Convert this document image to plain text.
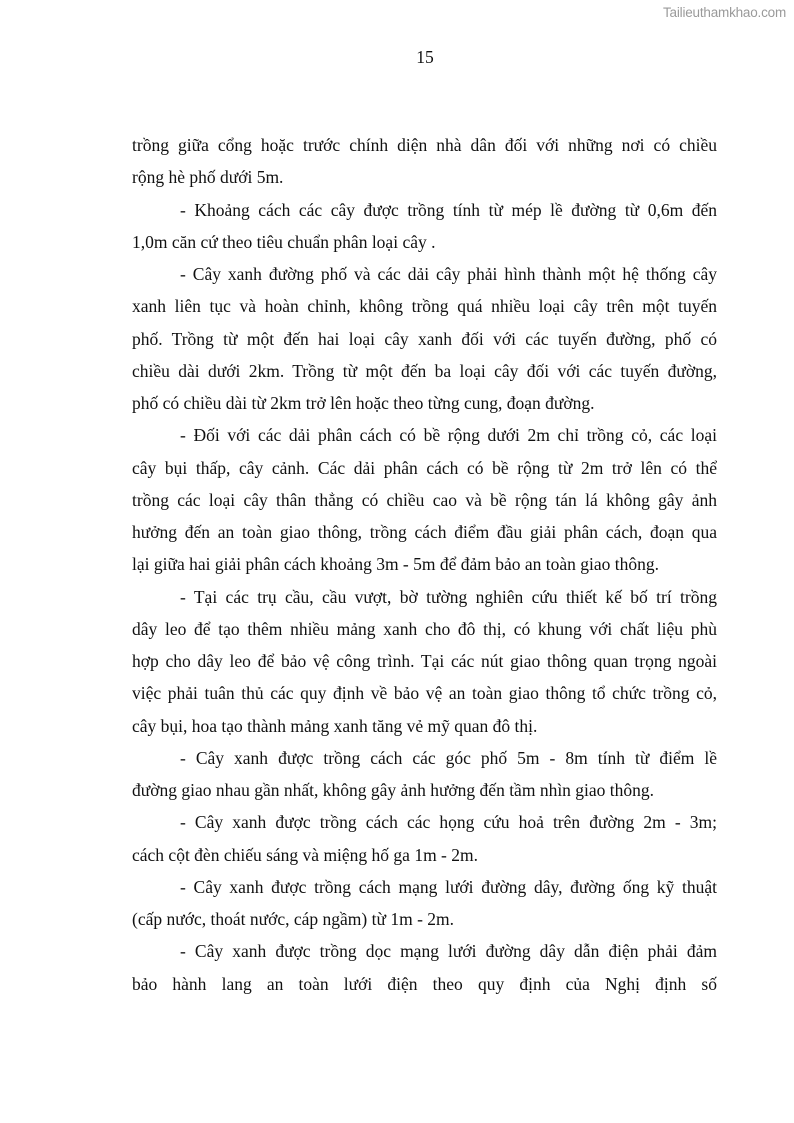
Tailieuthamkhao.com
15
trồng giữa cổng hoặc trước chính diện nhà dân đối với những nơi có chiều
rộng hè phố dưới 5m.
- Khoảng cách các cây được trồng tính từ mép lề đường từ 0,6m đến
1,0m căn cứ theo tiêu chuẩn phân loại cây .
- Cây xanh đường phố và các dải cây phải hình thành một hệ thống cây
xanh liên tục và hoàn chỉnh, không trồng quá nhiều loại cây trên một tuyến
phố. Trồng từ một đến hai loại cây xanh đối với các tuyến đường, phố có
chiều dài dưới 2km. Trồng từ một đến ba loại cây đối với các tuyến đường,
phố có chiều dài từ 2km trở lên hoặc theo từng cung, đoạn đường.
- Đối với các dải phân cách có bề rộng dưới 2m chỉ trồng cỏ, các loại
cây bụi thấp, cây cảnh. Các dải phân cách có bề rộng từ 2m trở lên có thể
trồng các loại cây thân thẳng có chiều cao và bề rộng tán lá không gây ảnh
hưởng đến an toàn giao thông, trồng cách điểm đầu giải phân cách, đoạn qua
lại giữa hai giải phân cách khoảng 3m - 5m để đảm bảo an toàn giao thông.
- Tại các trụ cầu, cầu vượt, bờ tường nghiên cứu thiết kế bố trí trồng
dây leo để tạo thêm nhiều mảng xanh cho đô thị, có khung với chất liệu phù
hợp cho dây leo để bảo vệ công trình. Tại các nút giao thông quan trọng ngoài
việc phải tuân thủ các quy định về bảo vệ an toàn giao thông tổ chức trồng cỏ,
cây bụi, hoa tạo thành mảng xanh tăng vẻ mỹ quan đô thị.
- Cây xanh được trồng cách các góc phố 5m - 8m tính từ điểm lề
đường giao nhau gần nhất, không gây ảnh hưởng đến tầm nhìn giao thông.
- Cây xanh được trồng cách các họng cứu hoả trên đường 2m - 3m;
cách cột đèn chiếu sáng và miệng hố ga 1m - 2m.
- Cây xanh được trồng cách mạng lưới đường dây, đường ống kỹ thuật
(cấp nước, thoát nước, cáp ngầm) từ 1m - 2m.
- Cây xanh được trồng dọc mạng lưới đường dây dẫn điện phải đảm
bảo hành lang an toàn lưới điện theo quy định của Nghị định số
